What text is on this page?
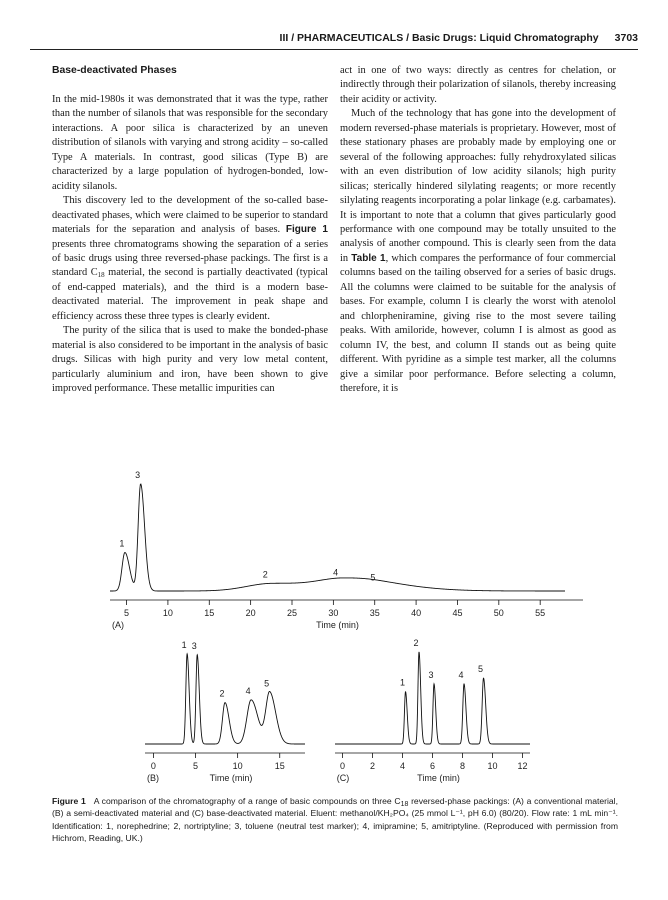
III / PHARMACEUTICALS / Basic Drugs: Liquid Chromatography 3703
Base-deactivated Phases

In the mid-1980s it was demonstrated that it was the type, rather than the number of silanols that was responsible for the secondary interactions. A poor silica is characterized by an uneven distribution of silanols with varying and strong acidity – so-called Type A materials. In contrast, good silicas (Type B) are characterized by a large population of hydrogen-bonded, low-acidity silanols.

This discovery led to the development of the so-called base-deactivated phases, which were claimed to be superior to standard materials for the separation and analysis of bases. Figure 1 presents three chromatograms showing the separation of a series of basic drugs using three reversed-phase packings. The first is a standard $C_{18}$ material, the second is partially deactivated (typical of end-capped materials), and the third is a modern base-deactivated material. The improvement in peak shape and efficiency across these three types is clearly evident.

The purity of the silica that is used to make the bonded-phase material is also considered to be important in the analysis of basic drugs. Silicas with high purity and very low metal content, particularly aluminium and iron, have been shown to give improved performance. These metallic impurities can

act in one of two ways: directly as centres for chelation, or indirectly through their polarization of silanols, thereby increasing their acidity or activity.

Much of the technology that has gone into the development of modern reversed-phase materials is proprietary. However, most of these stationary phases are probably made by employing one or several of the following approaches: fully rehydroxylated silicas with an even distribution of low acidity silanols; high purity silicas; sterically hindered silylating reagents; or more recently silylating reagents incorporating a polar linkage (e.g. carbamates). It is important to note that a column that gives particularly good performance with one compound may be totally unsuited to the analysis of another compound. This is clearly seen from the data in Table 1, which compares the performance of four commercial columns based on the tailing observed for a series of basic drugs. All the columns were claimed to be suitable for the analysis of bases. For example, column I is clearly the worst with atenolol and chlorpheniramine, giving rise to the most severe tailing peaks. With amiloride, however, column I is almost as good as column IV, the best, and column II stands out as being quite different. With pyridine as a simple test marker, all the columns give a similar poor performance. Before selecting a column, therefore, it is

5	10	15	20	25	30	35	40	45	50	55
(A)	Time (min)
1
3
2	4
5
0	5	10	15
(B)	Time (min)
1 3
2 4
5
0	2	4	6	8 10 12
(C)	Time (min)
1
2
3	4
5
Figure 1 A comparison of the chromatography of a range of basic compounds on three $C_{18}$ reversed-phase packings: (A) a conventional material, (B) a semi-deactivated material and (C) base-deactivated material. Eluent: methanol/KH₂PO₄ (25 mmol L⁻¹, pH 6.0) (80/20). Flow rate: 1 mL min⁻¹. Identification: 1, norephedrine; 2, nortriptyline; 3, toluene (neutral test marker); 4, imipramine; 5, amitriptyline. (Reproduced with permission from Hichrom, Reading, UK.)
